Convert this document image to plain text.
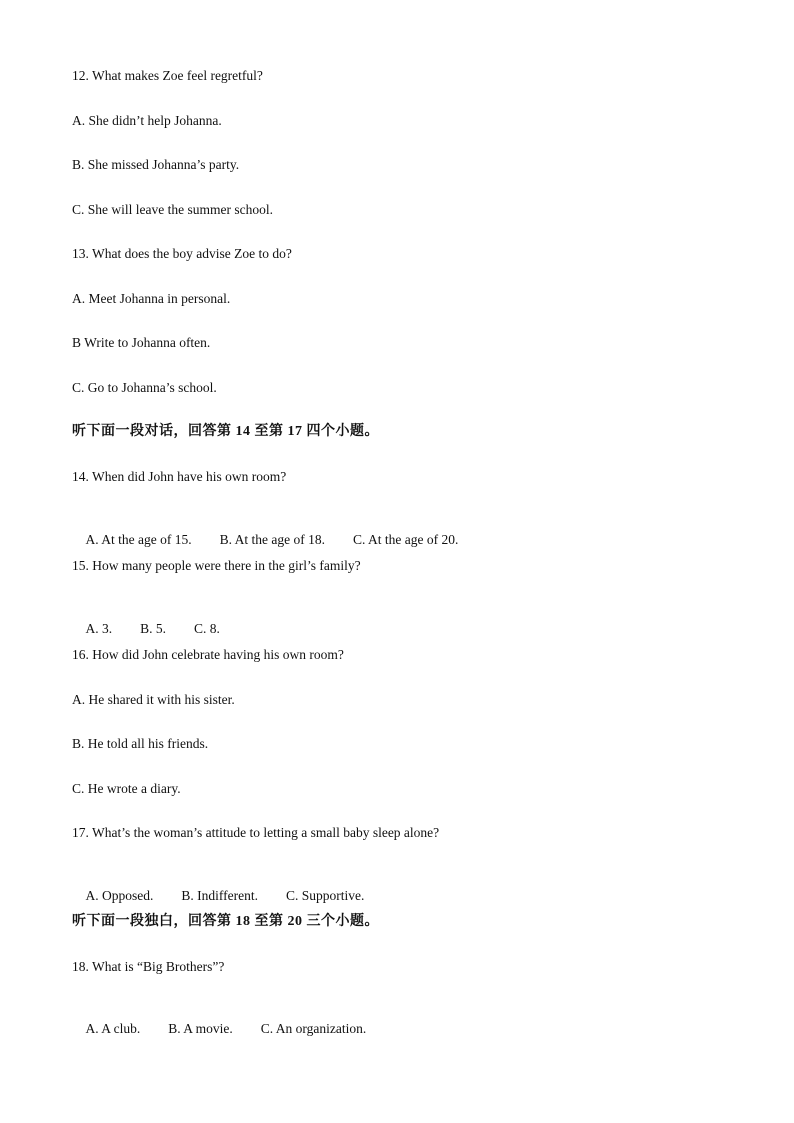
12. What makes Zoe feel regretful?
A. She didn’t help Johanna.
B. She missed Johanna’s party.
C. She will leave the summer school.
13. What does the boy advise Zoe to do?
A. Meet Johanna in personal.
B Write to Johanna often.
C. Go to Johanna’s school.
听下面一段对话，回答第 14 至第 17 四个小题。
14. When did John have his own room?

A. At the age of 15. B. At the age of 18. C. At the age of 20.

15. How many people were there in the girl’s family?

A. 3. B. 5. C. 8.

16. How did John celebrate having his own room?
A. He shared it with his sister.
B. He told all his friends.
C. He wrote a diary.
17. What’s the woman’s attitude to letting a small baby sleep alone?

A. Opposed. B. Indifferent. C. Supportive.

听下面一段独白，回答第 18 至第 20 三个小题。
18. What is “Big Brothers”?

A. A club. B. A movie. C. An organization.
